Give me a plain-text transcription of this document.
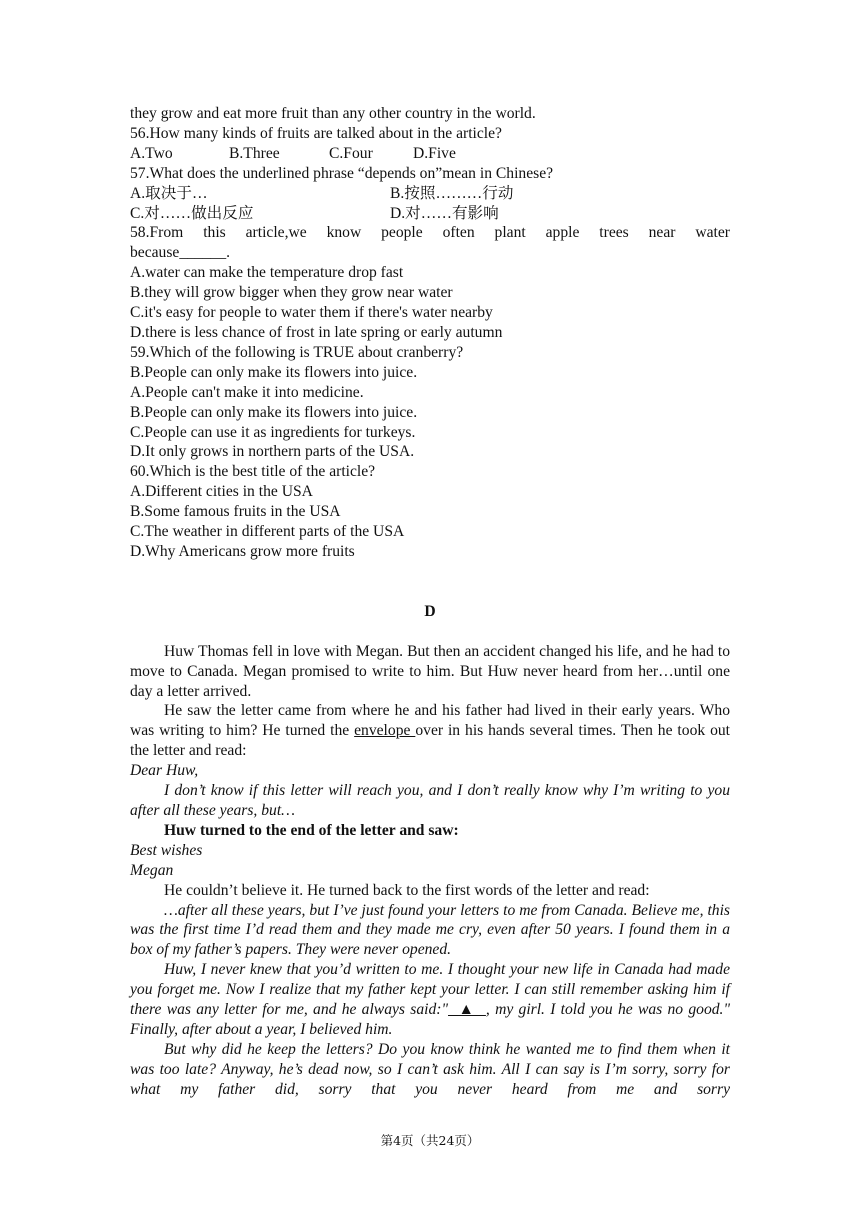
they grow and eat more fruit than any other country in the world.
56.How many kinds of fruits are talked about in the article?
A.Two	B.Three	C.Four	D.Five
57.What does the underlined phrase “depends on”mean in Chinese?
A.取决于…	B.按照………行动
C.对……做出反应	D.对……有影响
58.From this article,we know people often plant apple trees near water
because______.
A.water can make the temperature drop fast
B.they will grow bigger when they grow near water
C.it's easy for people to water them if there's water nearby
D.there is less chance of frost in late spring or early autumn
59.Which of the following is TRUE about cranberry?
B.People can only make its flowers into juice.
A.People can't make it into medicine.
B.People can only make its flowers into juice.
C.People can use it as ingredients for turkeys.
D.It only grows in northern parts of the USA.
60.Which is the best title of the article?
A.Different cities in the USA
B.Some famous fruits in the USA
C.The weather in different parts of the USA
D.Why Americans grow more fruits
D
Huw Thomas fell in love with Megan. But then an accident changed his life, and he had to move to Canada. Megan promised to write to him. But Huw never heard from her…until one day a letter arrived.
He saw the letter came from where he and his father had lived in their early years. Who was writing to him? He turned the envelope over in his hands several times. Then he took out the letter and read:
Dear Huw,
I don’t know if this letter will reach you, and I don’t really know why I’m writing to you after all these years, but…
Huw turned to the end of the letter and saw:
Best wishes
Megan
He couldn’t believe it. He turned back to the first words of the letter and read:
…after all these years, but I’ve just found your letters to me from Canada. Believe me, this was the first time I’d read them and they made me cry, even after 50 years. I found them in a box of my father’s papers. They were never opened.
Huw, I never knew that you’d written to me. I thought your new life in Canada had made you forget me. Now I realize that my father kept your letter. I can still remember asking him if there was any letter for me, and he always said:"  ▲  , my girl. I told you he was no good." Finally, after about a year, I believed him.
But why did he keep the letters? Do you know think he wanted me to find them when it was too late? Anyway, he’s dead now, so I can’t ask him. All I can say is I’m sorry, sorry for what my father did, sorry that you never heard from me and sorry
第4页（共24页）
